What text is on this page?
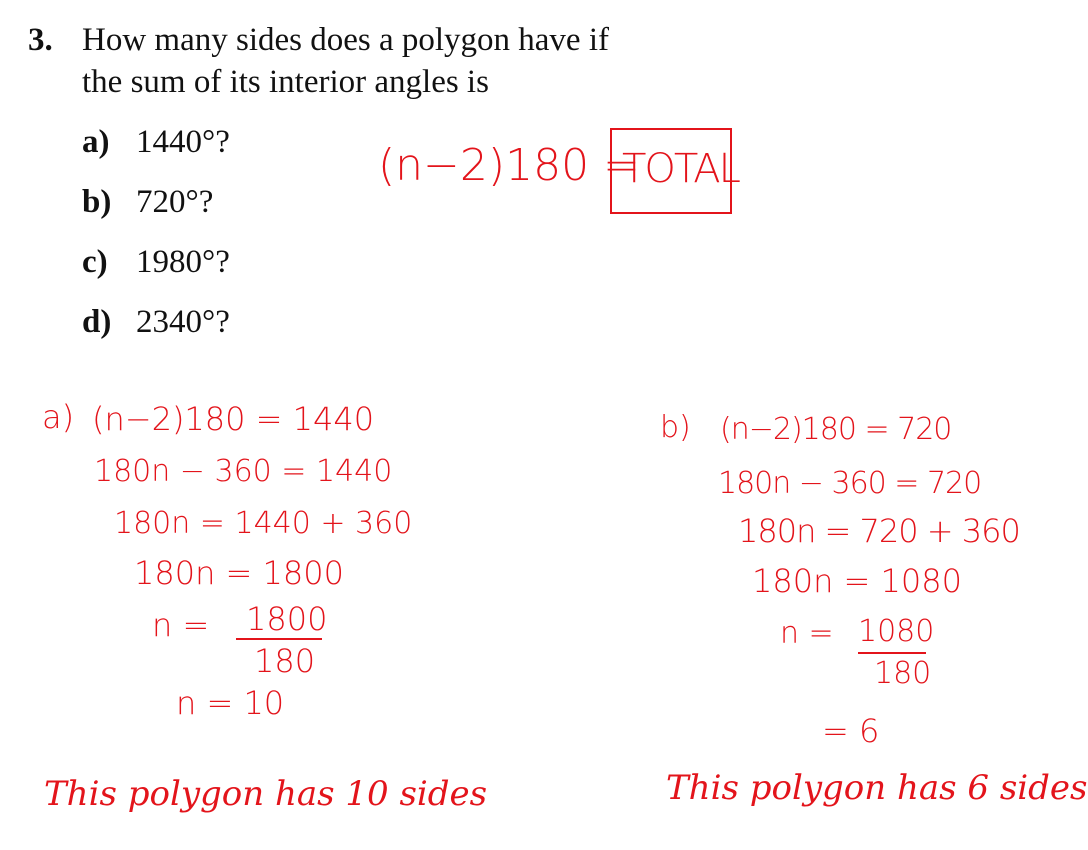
3. How many sides does a polygon have if
the sum of its interior angles is
a) 1440°?
b) 720°?
c) 1980°?
d) 2340°?
(n−2)180 =
TOTAL
a) (n−2)180 = 1440
180n − 360 = 1440
180n = 1440 + 360
180n = 1800
n = 1800
180
n = 10
This polygon has 10 sides
b) (n−2)180 = 720
180n − 360 = 720
180n = 720 + 360
180n = 1080
n = 1080
180
= 6
This polygon has 6 sides
